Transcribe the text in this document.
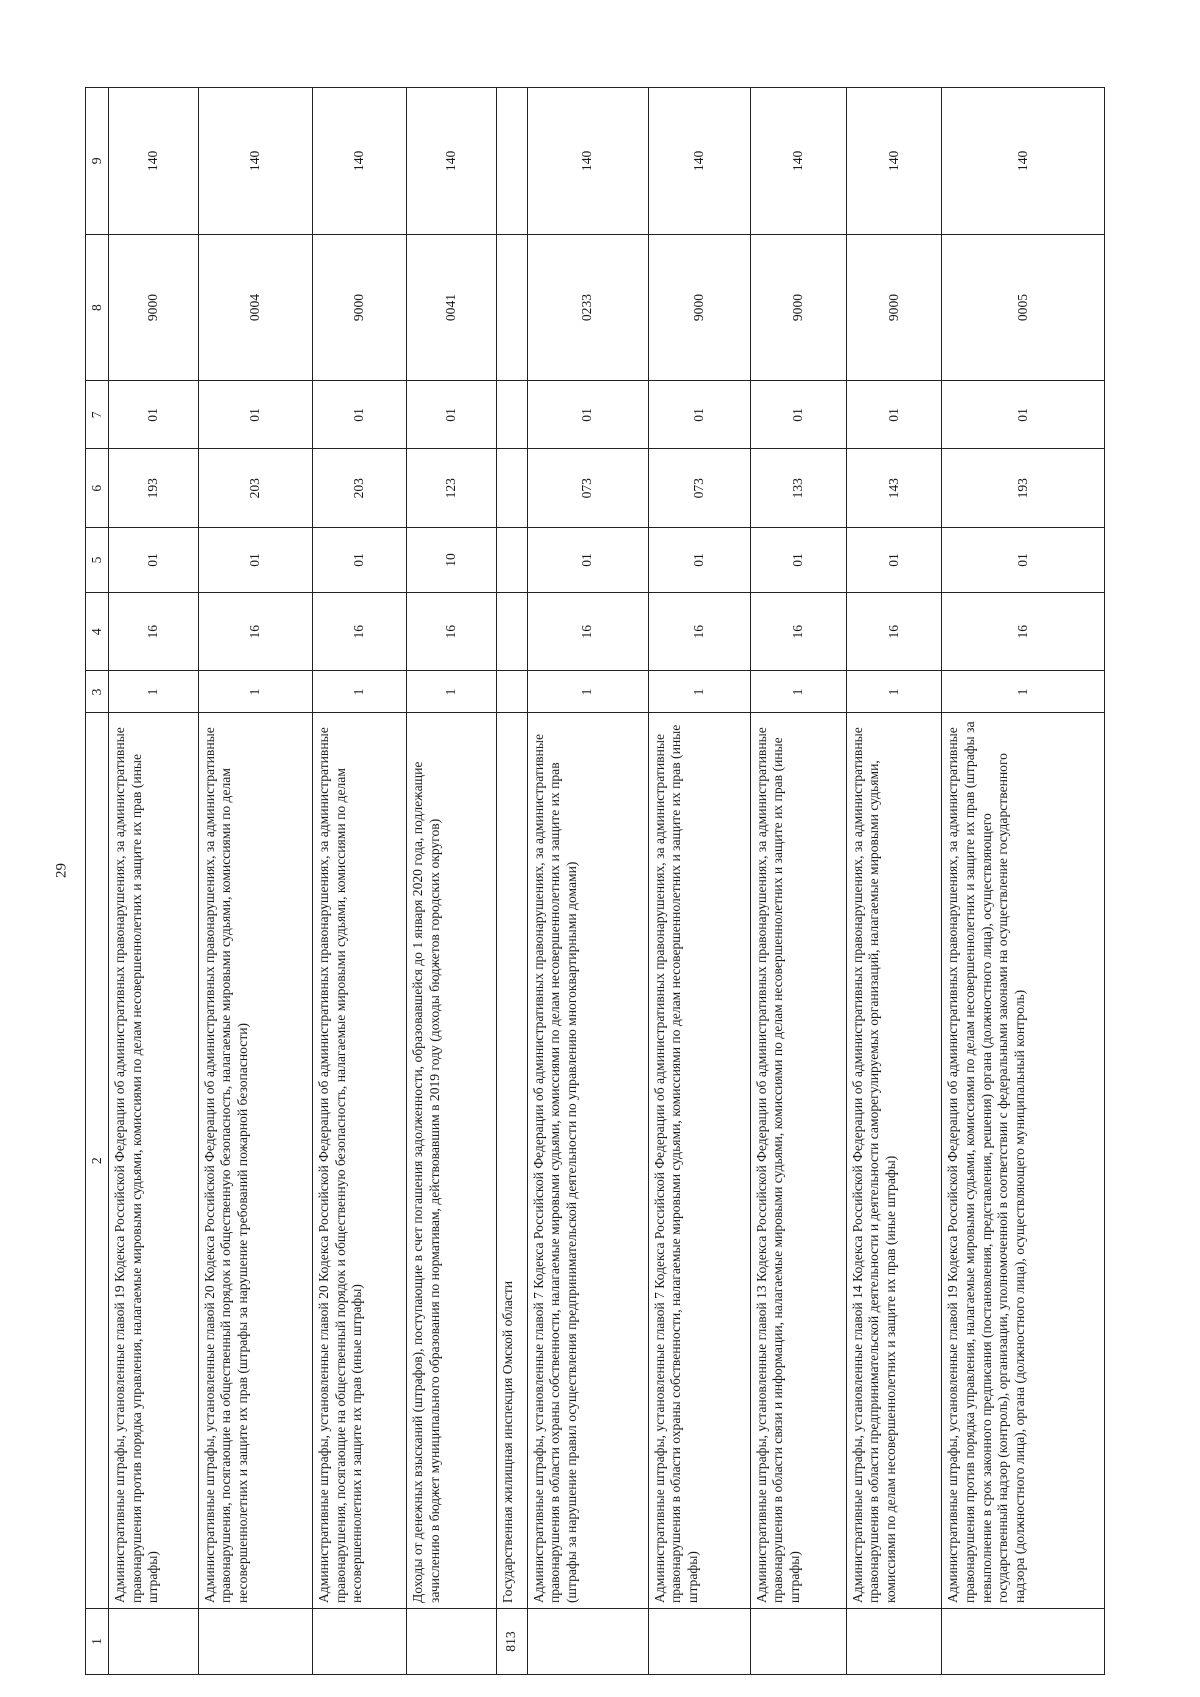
29
1	2	3	4	5	6	7	8	9
	Административные штрафы, установленные главой 19 Кодекса Российской Федерации об административных правонарушениях, за административные правонарушения против порядка управления, налагаемые мировыми судьями, комиссиями по делам несовершеннолетних и защите их прав (иные штрафы)	1	16	01	193	01	9000	140
	Административные штрафы, установленные главой 20 Кодекса Российской Федерации об административных правонарушениях, за административные правонарушения, посягающие на общественный порядок и общественную безопасность, налагаемые мировыми судьями, комиссиями по делам несовершеннолетних и защите их прав (штрафы за нарушение требований пожарной безопасности)	1	16	01	203	01	0004	140
	Административные штрафы, установленные главой 20 Кодекса Российской Федерации об административных правонарушениях, за административные правонарушения, посягающие на общественный порядок и общественную безопасность, налагаемые мировыми судьями, комиссиями по делам несовершеннолетних и защите их прав (иные штрафы)	1	16	01	203	01	9000	140
	Доходы от денежных взысканий (штрафов), поступающие в счет погашения задолженности, образовавшейся до 1 января 2020 года, подлежащие зачислению в бюджет муниципального образования по нормативам, действовавшим в 2019 году (доходы бюджетов городских округов)	1	16	10	123	01	0041	140
813	Государственная жилищная инспекция Омской области							
	Административные штрафы, установленные главой 7 Кодекса Российской Федерации об административных правонарушениях, за административные правонарушения в области охраны собственности, налагаемые мировыми судьями, комиссиями по делам несовершеннолетних и защите их прав (штрафы за нарушение правил осуществления предпринимательской деятельности по управлению многоквартирными домами)	1	16	01	073	01	0233	140
	Административные штрафы, установленные главой 7 Кодекса Российской Федерации об административных правонарушениях, за административные правонарушения в области охраны собственности, налагаемые мировыми судьями, комиссиями по делам несовершеннолетних и защите их прав (иные штрафы)	1	16	01	073	01	9000	140
	Административные штрафы, установленные главой 13 Кодекса Российской Федерации об административных правонарушениях, за административные правонарушения в области связи и информации, налагаемые мировыми судьями, комиссиями по делам несовершеннолетних и защите их прав (иные штрафы)	1	16	01	133	01	9000	140
	Административные штрафы, установленные главой 14 Кодекса Российской Федерации об административных правонарушениях, за административные правонарушения в области предпринимательской деятельности и деятельности саморегулируемых организаций, налагаемые мировыми судьями, комиссиями по делам несовершеннолетних и защите их прав (иные штрафы)	1	16	01	143	01	9000	140
	Административные штрафы, установленные главой 19 Кодекса Российской Федерации об административных правонарушениях, за административные правонарушения против порядка управления, налагаемые мировыми судьями, комиссиями по делам несовершеннолетних и защите их прав (штрафы за невыполнение в срок законного предписания (постановления, представления, решения) органа (должностного лица), осуществляющего государственный надзор (контроль), организации, уполномоченной в соответствии с федеральными законами на осуществление государственного надзора (должностного лица), органа (должностного лица), осуществляющего муниципальный контроль)	1	16	01	193	01	0005	140
